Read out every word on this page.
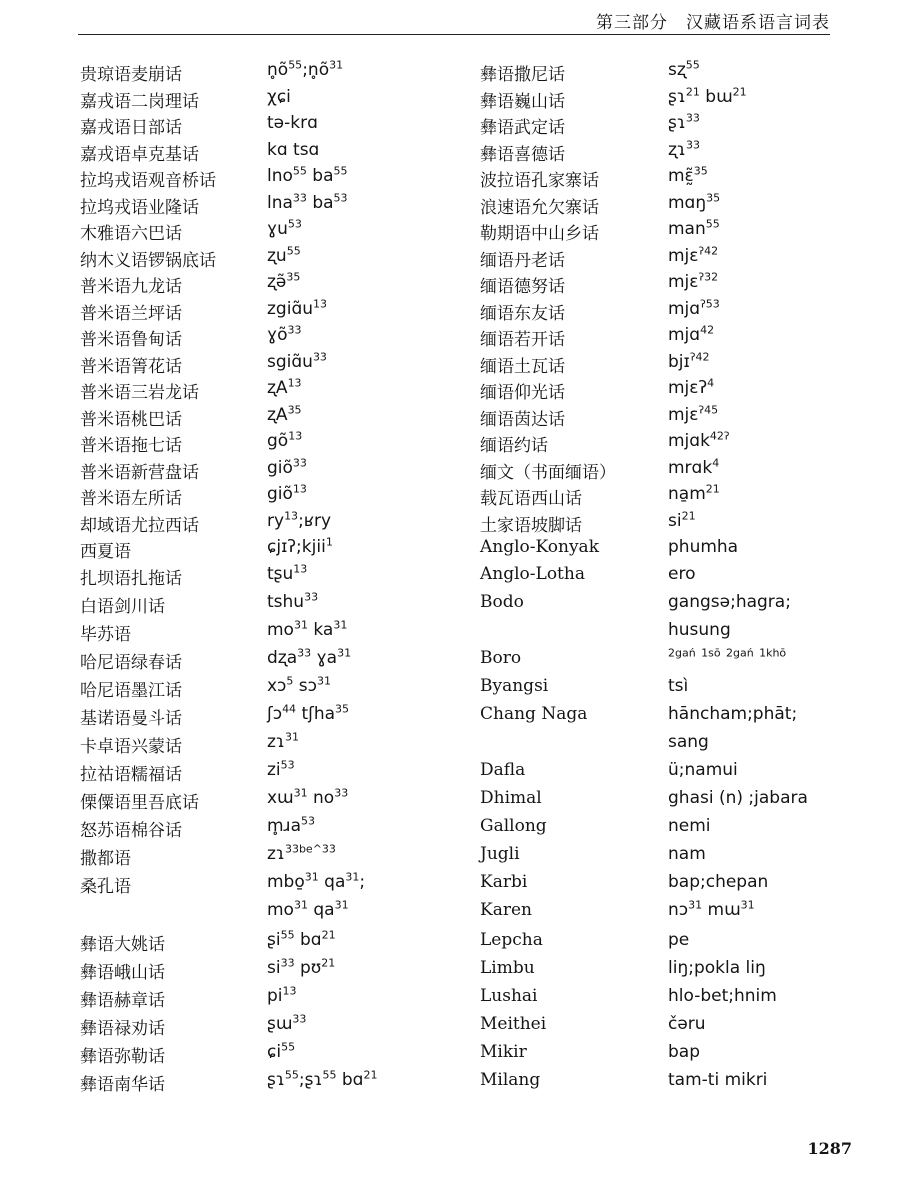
第三部分　汉藏语系语言词表
贵琼语麦崩话	$n̥õ^{55};n̥õ^{31}$
嘉戎语二岗理话	χɕi
嘉戎语日部话	tə-krɑ
嘉戎语卓克基话	kɑ tsɑ
拉坞戎语观音桥话	lno$^{55}$ $ba^{55}$
拉坞戎语业隆话	lna$^{33}$ $ba^{53}$
木雅语六巴话	ɣu$^{53}$
纳木义语锣锅底话	ʐu$^{55}$
普米语九龙话	ʐə̃$^{35}$
普米语兰坪话	$zgiɑ̃u^{13}$
普米语鲁甸话	ɣõ$^{33}$
普米语箐花话	$sgiɑ̃u^{33}$
普米语三岩龙话	ʐA$^{13}$
普米语桃巴话	ʐA$^{35}$
普米语拖七话	$gõ^{13}$
普米语新营盘话	giõ$^{33}$
普米语左所话	giõ$^{13}$
却域语尤拉西话	$ry^{13};ʁry$
西夏语	ɕjɪʔ;kjii$^1$
扎坝语扎拖话	tʂu$^{13}$
白语剑川话	tshu$^{33}$
毕苏语	$mo^{31}$ $ka^{31}$
哈尼语绿春话	dʐa$^{33}$ ɣa$^{31}$
哈尼语墨江话	xɔ$^5$ sɔ$^{31}$
基诺语曼斗话	ʃɔ$^{44}$ tʃha$^{35}$
卡卓语兴蒙话	zɿ$^{31}$
拉祜语糯福话	$zi^{53}$
傈僳语里吾底话	xɯ$^{31}$ $no^{33}$
怒苏语棉谷话	m̥ɹa$^{53}$
撒都语	zɿ$^{33be\^{}33}$
桑孔语	mbo̱$^{31}$ $qa^{31}$;
$mo^{31}$ $qa^{31}$
彝语大姚话	ʂi$^{55}$ bɑ$^{21}$
彝语峨山话	$si^{33}$ pʊ$^{21}$
彝语赫章话	$pi^{13}$
彝语禄劝话	ʂɯ$^{33}$
彝语弥勒话	ɕi$^{55}$
彝语南华话	ʂɿ$^{55}$;ʂɿ$^{55}$ bɑ$^{21}$
彝语撒尼话	sʐ$^{55}$
彝语巍山话	ʂɿ$^{21}$ bɯ$^{21}$
彝语武定话	ʂɿ$^{33}$
彝语喜德话	ʐɿ$^{33}$
波拉语孔家寨话	mɛ̰̃$^{35}$
浪速语允欠寨话	mɑŋ$^{35}$
勒期语中山乡话	man$^{55}$
缅语丹老话	mjɛ$^{ʔ42}$
缅语德努话	mjɛ$^{ʔ32}$
缅语东友话	mjɑ$^{ʔ53}$
缅语若开话	mjɑ$^{42}$
缅语土瓦话	bjɪ$^{ʔ42}$
缅语仰光话	mjɛʔ$^4$
缅语茵达话	mjɛ$^{ʔ45}$
缅语约话	mjɑk$^{42ʔ}$
缅文（书面缅语）	mrɑk$^4$
载瓦语西山话	$na̱m^{21}$
土家语坡脚话	$si^{21}$
Anglo-Konyak	phumha
Anglo-Lotha	ero
Bodo	gangsə;hagra;
husung
Boro	$^{2gań}$ $^{1sō}$ $^{2gań}$ $^{1khō}$
Byangsi	tsì
Chang Naga	hāncham;phāt;
sang
Dafla	ü;namui
Dhimal	ghasi (n) ;jabara
Gallong	nemi
Jugli	nam
Karbi	bap;chepan
Karen	nɔ$^{31}$ mɯ$^{31}$
Lepcha	pe
Limbu	liŋ;pokla liŋ
Lushai	hlo-bet;hnim
Meithei	čəru
Mikir	bap
Milang	tam-ti mikri
1287
